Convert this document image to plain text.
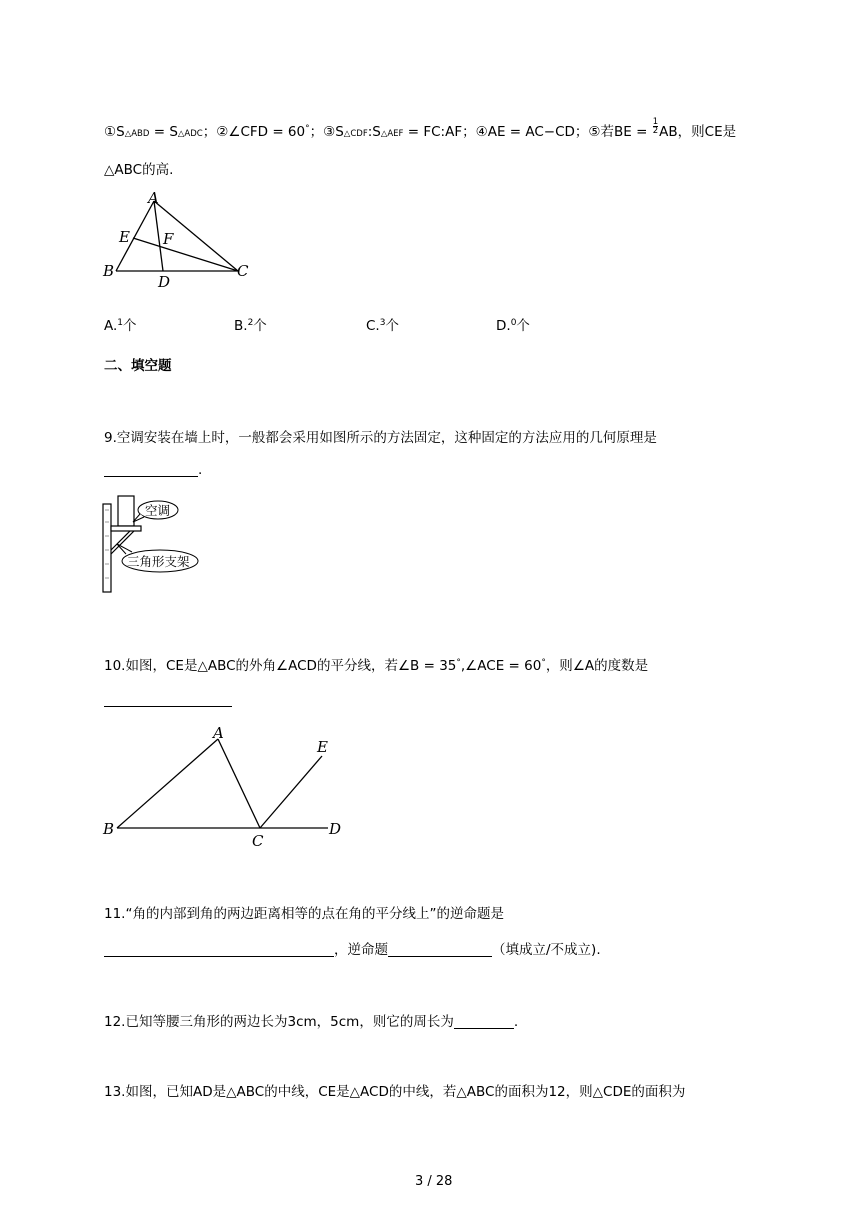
①S△ABD = S△ADC；②∠CFD = 60°；③S△CDF:S△AEF = FC:AF；④AE = AC−CD；⑤若BE = $\frac{1}{2}$ AB，则CE是
△ABC的高.
A
E F
B
D
C
A.$^1$个	B.$^2$个	C.$^3$个	D.$^0$个
二、填空题
9.空调安装在墙上时，一般都会采用如图所示的方法固定，这种固定的方法应用的几何原理是
.
空调
三角形支架
10.如图，CE是△ABC的外角∠ACD的平分线，若∠B = 35°,∠ACE = 60°，则∠A的度数是
A
E
B
C
D
11.“角的内部到角的两边距离相等的点在角的平分线上”的逆命题是
，逆命题	（填成立/不成立).
12.已知等腰三角形的两边长为3cm，5cm，则它的周长为	.
13.如图，已知AD是△ABC的中线，CE是△ACD的中线，若△ABC的面积为12，则△CDE的面积为
3 / 28
